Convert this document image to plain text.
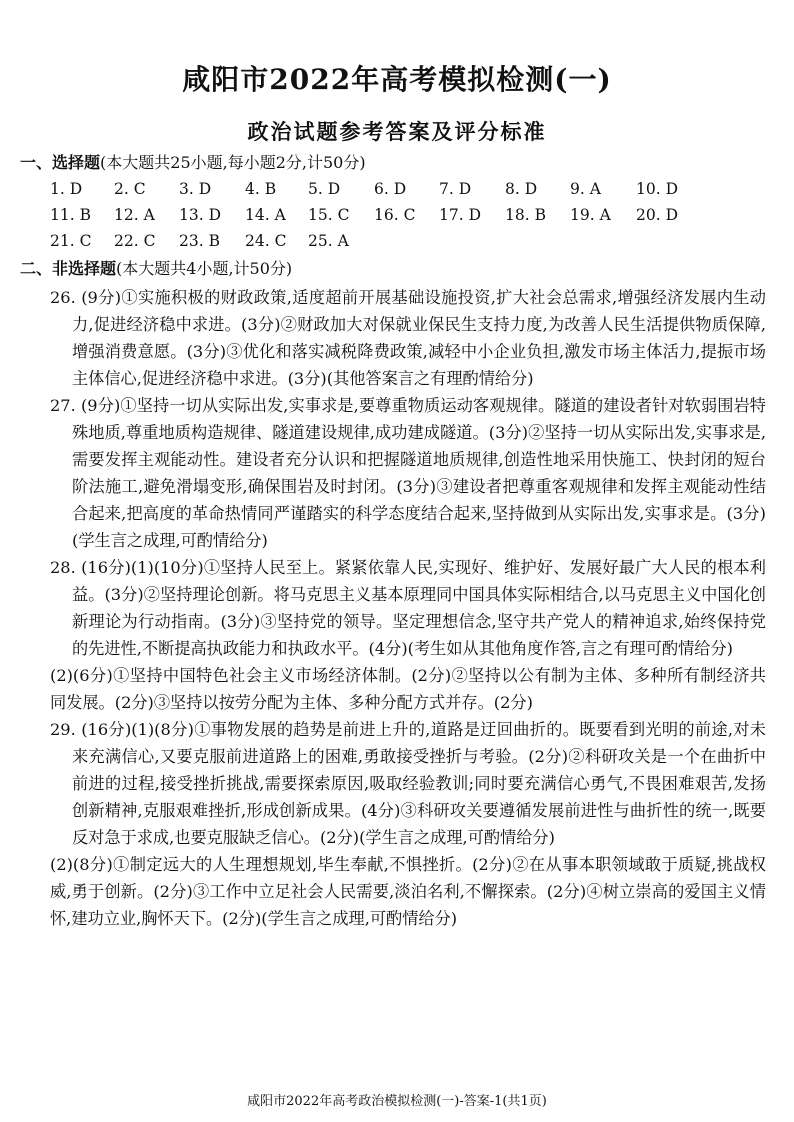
咸阳市2022年高考模拟检测(一)
政治试题参考答案及评分标准
一、选择题(本大题共25小题,每小题2分,计50分)
1. D 2. C 3. D 4. B 5. D 6. D 7. D 8. D 9. A 10. D
11. B 12. A 13. D 14. A 15. C 16. C 17. D 18. B 19. A 20. D
21. C 22. C 23. B 24. C 25. A
二、非选择题(本大题共4小题,计50分)

26. (9分)①实施积极的财政政策,适度超前开展基础设施投资,扩大社会总需求,增强经济发展内生动力,促进经济稳中求进。(3分)②财政加大对保就业保民生支持力度,为改善人民生活提供物质保障,增强消费意愿。(3分)③优化和落实减税降费政策,减轻中小企业负担,激发市场主体活力,提振市场主体信心,促进经济稳中求进。(3分)(其他答案言之有理酌情给分)

27. (9分)①坚持一切从实际出发,实事求是,要尊重物质运动客观规律。隧道的建设者针对软弱围岩特殊地质,尊重地质构造规律、隧道建设规律,成功建成隧道。(3分)②坚持一切从实际出发,实事求是,需要发挥主观能动性。建设者充分认识和把握隧道地质规律,创造性地采用快施工、快封闭的短台阶法施工,避免滑塌变形,确保围岩及时封闭。(3分)③建设者把尊重客观规律和发挥主观能动性结合起来,把高度的革命热情同严谨踏实的科学态度结合起来,坚持做到从实际出发,实事求是。(3分)(学生言之成理,可酌情给分)

28. (16分)(1)(10分)①坚持人民至上。紧紧依靠人民,实现好、维护好、发展好最广大人民的根本利益。(3分)②坚持理论创新。将马克思主义基本原理同中国具体实际相结合,以马克思主义中国化创新理论为行动指南。(3分)③坚持党的领导。坚定理想信念,坚守共产党人的精神追求,始终保持党的先进性,不断提高执政能力和执政水平。(4分)(考生如从其他角度作答,言之有理可酌情给分)

(2)(6分)①坚持中国特色社会主义市场经济体制。(2分)②坚持以公有制为主体、多种所有制经济共同发展。(2分)③坚持以按劳分配为主体、多种分配方式并存。(2分)

29. (16分)(1)(8分)①事物发展的趋势是前进上升的,道路是迂回曲折的。既要看到光明的前途,对未来充满信心,又要克服前进道路上的困难,勇敢接受挫折与考验。(2分)②科研攻关是一个在曲折中前进的过程,接受挫折挑战,需要探索原因,吸取经验教训;同时要充满信心勇气,不畏困难艰苦,发扬创新精神,克服艰难挫折,形成创新成果。(4分)③科研攻关要遵循发展前进性与曲折性的统一,既要反对急于求成,也要克服缺乏信心。(2分)(学生言之成理,可酌情给分)

(2)(8分)①制定远大的人生理想规划,毕生奉献,不惧挫折。(2分)②在从事本职领域敢于质疑,挑战权威,勇于创新。(2分)③工作中立足社会人民需要,淡泊名利,不懈探索。(2分)④树立崇高的爱国主义情怀,建功立业,胸怀天下。(2分)(学生言之成理,可酌情给分)

咸阳市2022年高考政治模拟检测(一)-答案-1(共1页)
